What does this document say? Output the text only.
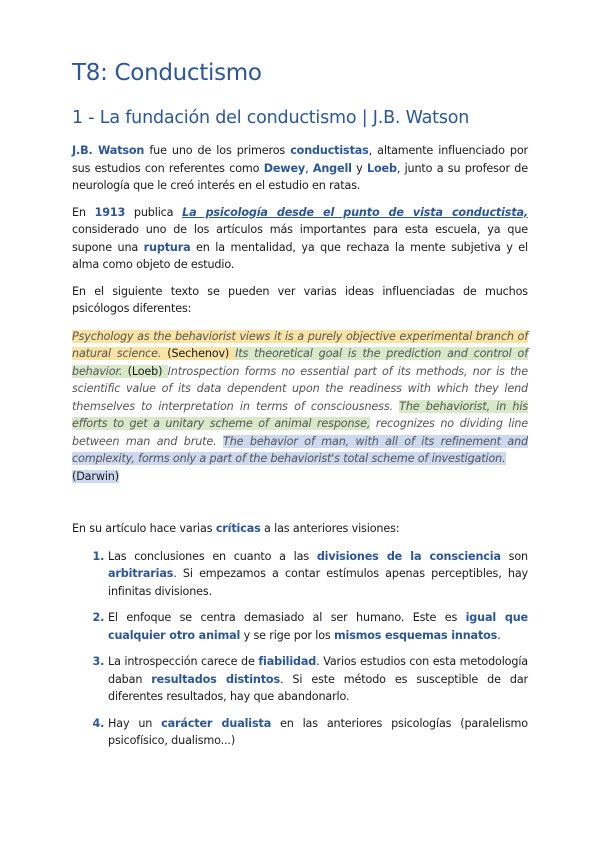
T8: Conductismo
1 - La fundación del conductismo | J.B. Watson

J.B. Watson fue uno de los primeros conductistas, altamente influenciado por sus estudios con referentes como Dewey, Angell y Loeb, junto a su profesor de neurología que le creó interés en el estudio en ratas.

En 1913 publica La psicología desde el punto de vista conductista, considerado uno de los artículos más importantes para esta escuela, ya que supone una ruptura en la mentalidad, ya que rechaza la mente subjetiva y el alma como objeto de estudio.

En el siguiente texto se pueden ver varias ideas influenciadas de muchos psicólogos diferentes:

Psychology as the behaviorist views it is a purely objective experimental branch of natural science. (Sechenov) Its theoretical goal is the prediction and control of behavior. (Loeb) Introspection forms no essential part of its methods, nor is the scientific value of its data dependent upon the readiness with which they lend themselves to interpretation in terms of consciousness. The behaviorist, in his efforts to get a unitary scheme of animal response, recognizes no dividing line between man and brute. The behavior of man, with all of its refinement and complexity, forms only a part of the behaviorist's total scheme of investigation.
(Darwin)

En su artículo hace varias críticas a las anteriores visiones:

1. Las conclusiones en cuanto a las divisiones de la consciencia son arbitrarias. Si empezamos a contar estímulos apenas perceptibles, hay infinitas divisiones.
2. El enfoque se centra demasiado al ser humano. Este es igual que cualquier otro animal y se rige por los mismos esquemas innatos.
3. La introspección carece de fiabilidad. Varios estudios con esta metodología daban resultados distintos. Si este método es susceptible de dar diferentes resultados, hay que abandonarlo.
4. Hay un carácter dualista en las anteriores psicologías (paralelismo psicofísico, dualismo...)
